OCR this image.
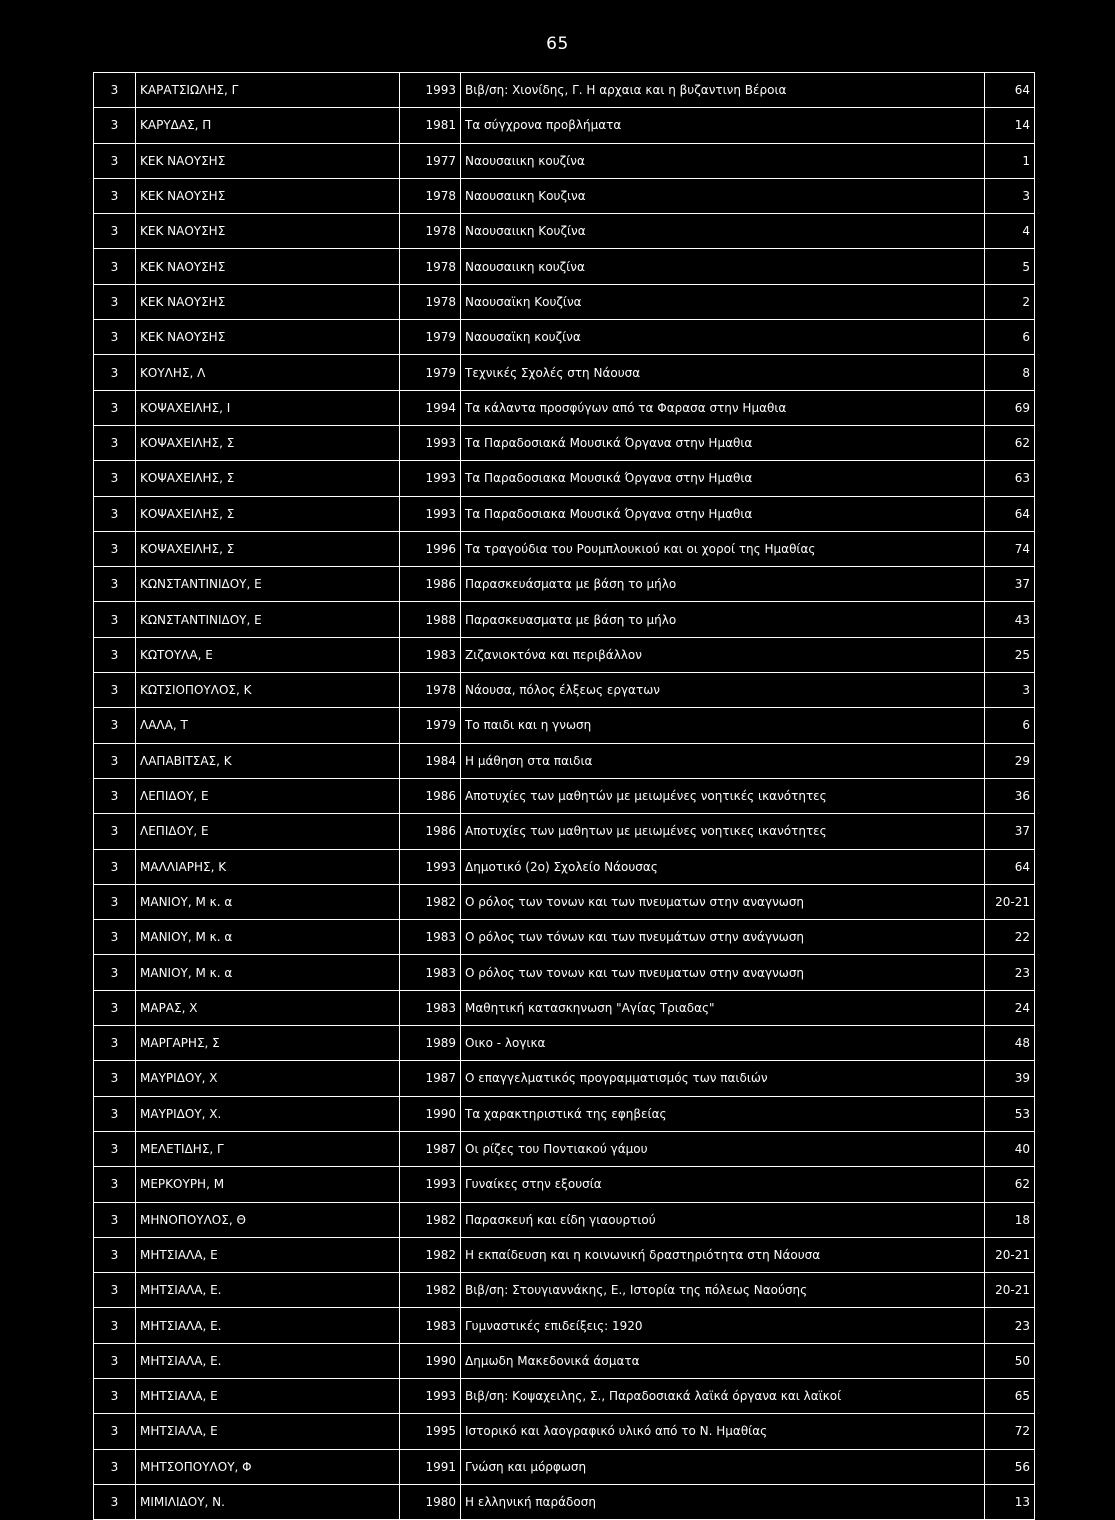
65
3	ΚΑΡΑΤΣΙΩΛΗΣ, Γ	1993	Βιβ/ση: Χιονίδης, Γ. Η αρχαια και η βυζαντινη Βέροια	64
3	ΚΑΡΥΔΑΣ, Π	1981	Τα σύγχρονα προβλήματα	14
3	ΚΕΚ ΝΑΟΥΣΗΣ	1977	Ναουσαιικη κουζίνα	1
3	ΚΕΚ ΝΑΟΥΣΗΣ	1978	Ναουσαιικη Κουζινα	3
3	ΚΕΚ ΝΑΟΥΣΗΣ	1978	Ναουσαιικη Κουζίνα	4
3	ΚΕΚ ΝΑΟΥΣΗΣ	1978	Ναουσαιικη κουζίνα	5
3	ΚΕΚ ΝΑΟΥΣΗΣ	1978	Ναουσαϊκη Κουζίνα	2
3	ΚΕΚ ΝΑΟΥΣΗΣ	1979	Ναουσαϊκη κουζίνα	6
3	ΚΟΥΛΗΣ, Λ	1979	Τεχνικές Σχολές στη Νάουσα	8
3	ΚΟΨΑΧΕΙΛΗΣ, Ι	1994	Τα κάλαντα προσφύγων από τα Φαρασα στην Ημαθια	69
3	ΚΟΨΑΧΕΙΛΗΣ, Σ	1993	Τα Παραδοσιακά Μουσικά Όργανα στην Ημαθια	62
3	ΚΟΨΑΧΕΙΛΗΣ, Σ	1993	Τα Παραδοσιακα Μουσικά Όργανα στην Ημαθια	63
3	ΚΟΨΑΧΕΙΛΗΣ, Σ	1993	Τα Παραδοσιακα Μουσικά Όργανα στην Ημαθια	64
3	ΚΟΨΑΧΕΙΛΗΣ, Σ	1996	Τα τραγούδια του Ρουμπλουκιού και οι χοροί της Ημαθίας	74
3	ΚΩΝΣΤΑΝΤΙΝΙΔΟΥ, Ε	1986	Παρασκευάσματα με βάση το μήλο	37
3	ΚΩΝΣΤΑΝΤΙΝΙΔΟΥ, Ε	1988	Παρασκευασματα με βάση το μήλο	43
3	ΚΩΤΟΥΛΑ, Ε	1983	Ζιζανιοκτόνα και περιβάλλον	25
3	ΚΩΤΣΙΟΠΟΥΛΟΣ, Κ	1978	Νάουσα, πόλος έλξεως εργατων	3
3	ΛΑΛΑ, Τ	1979	Το παιδι και η γνωση	6
3	ΛΑΠΑΒΙΤΣΑΣ, Κ	1984	Η μάθηση στα παιδια	29
3	ΛΕΠΙΔΟΥ, Ε	1986	Αποτυχίες των μαθητών με μειωμένες νοητικές ικανότητες	36
3	ΛΕΠΙΔΟΥ, Ε	1986	Αποτυχίες των μαθητων με μειωμένες νοητικες ικανότητες	37
3	ΜΑΛΛΙΑΡΗΣ, Κ	1993	Δημοτικό (2ο) Σχολείο Νάουσας	64
3	ΜΑΝΙΟΥ, Μ κ. α	1982	Ο ρόλος των τονων και των πνευματων στην αναγνωση	20-21
3	ΜΑΝΙΟΥ, Μ κ. α	1983	Ο ρόλος των τόνων και των πνευμάτων στην ανάγνωση	22
3	ΜΑΝΙΟΥ, Μ κ. α	1983	Ο ρόλος των τονων και των πνευματων στην αναγνωση	23
3	ΜΑΡΑΣ, Χ	1983	Μαθητική κατασκηνωση "Αγίας Τριαδας"	24
3	ΜΑΡΓΑΡΗΣ, Σ	1989	Οικο - λογικα	48
3	ΜΑΥΡΙΔΟΥ, Χ	1987	Ο επαγγελματικός προγραμματισμός των παιδιών	39
3	ΜΑΥΡΙΔΟΥ, Χ.	1990	Τα χαρακτηριστικά της εφηβείας	53
3	ΜΕΛΕΤΙΔΗΣ, Γ	1987	Οι ρίζες του Ποντιακού γάμου	40
3	ΜΕΡΚΟΥΡΗ, Μ	1993	Γυναίκες στην εξουσία	62
3	ΜΗΝΟΠΟΥΛΟΣ, Θ	1982	Παρασκευή και είδη γιαουρτιού	18
3	ΜΗΤΣΙΑΛΑ, Ε	1982	Η εκπαίδευση και η κοινωνική δραστηριότητα στη Νάουσα	20-21
3	ΜΗΤΣΙΑΛΑ, Ε.	1982	Βιβ/ση: Στουγιαννάκης, Ε., Ιστορία της πόλεως Ναούσης	20-21
3	ΜΗΤΣΙΑΛΑ, Ε.	1983	Γυμναστικές επιδείξεις: 1920	23
3	ΜΗΤΣΙΑΛΑ, Ε.	1990	Δημωδη Μακεδονικά άσματα	50
3	ΜΗΤΣΙΑΛΑ, Ε	1993	Βιβ/ση: Κοψαχειλης, Σ., Παραδοσιακά λαϊκά όργανα και λαϊκοί	65
3	ΜΗΤΣΙΑΛΑ, Ε	1995	Ιστορικό και λαογραφικό υλικό από το Ν. Ημαθίας	72
3	ΜΗΤΣΟΠΟΥΛΟΥ, Φ	1991	Γνώση και μόρφωση	56
3	ΜΙΜΙΛΙΔΟΥ, Ν.	1980	Η ελληνική παράδοση	13
